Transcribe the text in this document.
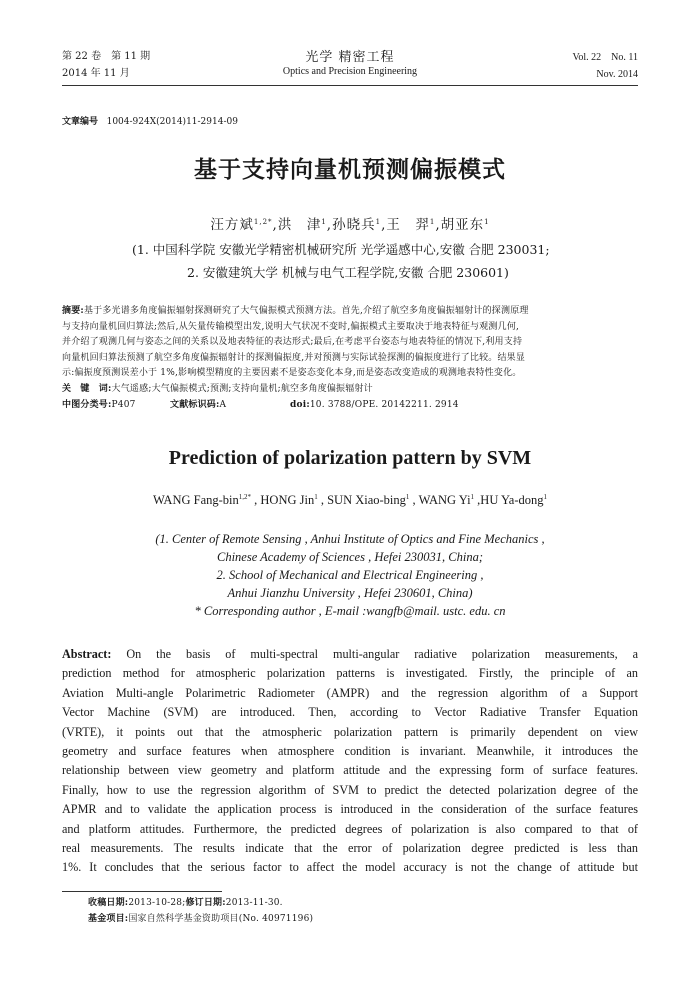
第 22 卷　第 11 期
2014 年 11 月
光学 精密工程
Optics and Precision Engineering
Vol. 22　No. 11
Nov. 2014
文章编号 1004-924X(2014)11-2914-09
基于支持向量机预测偏振模式
汪方斌$^{1,2*}$,洪　津$^1$,孙晓兵$^1$,王　羿$^1$,胡亚东$^1$
(1. 中国科学院 安徽光学精密机械研究所 光学遥感中心,安徽 合肥 230031;
2. 安徽建筑大学 机械与电气工程学院,安徽 合肥 230601)
摘要:基于多光谱多角度偏振辐射探测研究了大气偏振模式预测方法。首先,介绍了航空多角度偏振辐射计的探测原理
与支持向量机回归算法;然后,从矢量传输模型出发,说明大气状况不变时,偏振模式主要取决于地表特征与观测几何,
并介绍了观测几何与姿态之间的关系以及地表特征的表达形式;最后,在考虑平台姿态与地表特征的情况下,利用支持
向量机回归算法预测了航空多角度偏振辐射计的探测偏振度,并对预测与实际试验探测的偏振度进行了比较。结果显
示:偏振度预测误差小于 1%,影响模型精度的主要因素不是姿态变化本身,而是姿态改变造成的观测地表特性变化。
关　键　词:大气遥感;大气偏振模式;预测;支持向量机;航空多角度偏振辐射计
中图分类号:P407	文献标识码:A	doi:10. 3788/OPE. 20142211. 2914
Prediction of polarization pattern by SVM
WANG Fang-bin$^{1,2*}$ , HONG Jin$^1$ , SUN Xiao-bing$^1$ , WANG Yi$^1$ ,HU Ya-dong$^1$
(1. Center of Remote Sensing , Anhui Institute of Optics and Fine Mechanics ,
Chinese Academy of Sciences , Hefei 230031, China;
2. School of Mechanical and Electrical Engineering ,
Anhui Jianzhu University , Hefei 230601, China)
* Corresponding author , E-mail :wangfb@mail. ustc. edu. cn

Abstract: On the basis of multi-spectral multi-angular radiative polarization measurements, a

prediction method for atmospheric polarization patterns is investigated. Firstly, the principle of an

Aviation Multi-angle Polarimetric Radiometer (AMPR) and the regression algorithm of a Support

Vector Machine (SVM) are introduced. Then, according to Vector Radiative Transfer Equation

(VRTE), it points out that the atmospheric polarization pattern is primarily dependent on view

geometry and surface features when atmosphere condition is invariant. Meanwhile, it introduces the

relationship between view geometry and platform attitude and the expressing form of surface features.

Finally, how to use the regression algorithm of SVM to predict the detected polarization degree of the

APMR and to validate the application process is introduced in the consideration of the surface features

and platform attitudes. Furthermore, the predicted degrees of polarization is also compared to that of

real measurements. The results indicate that the error of polarization degree predicted is less than

1%. It concludes that the serious factor to affect the model accuracy is not the change of attitude but

收稿日期:2013-10-28;修订日期:2013-11-30.
基金项目:国家自然科学基金资助项目(No. 40971196)
